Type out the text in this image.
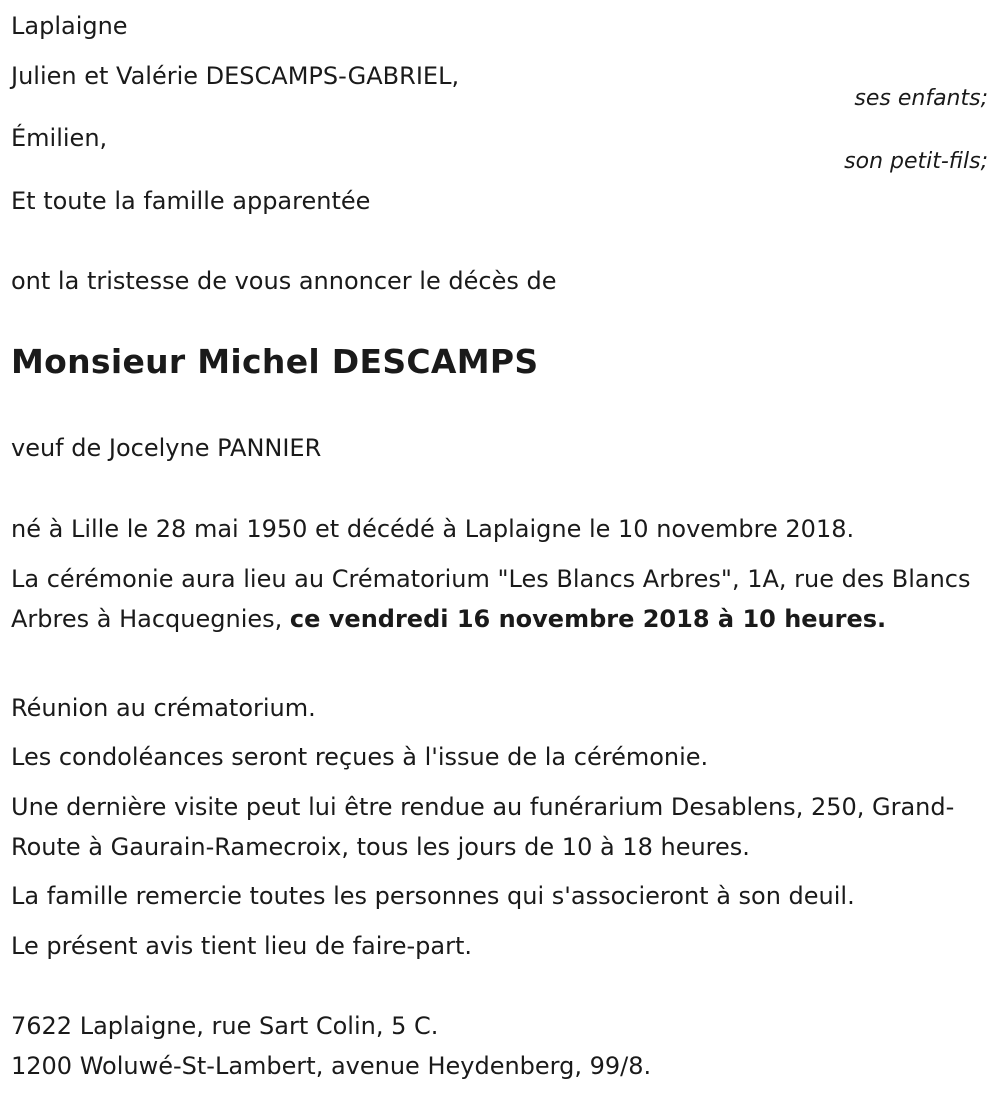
Laplaigne
Julien et Valérie DESCAMPS-GABRIEL,
ses enfants;
Émilien,
son petit-fils;
Et toute la famille apparentée
ont la tristesse de vous annoncer le décès de
Monsieur Michel DESCAMPS
veuf de Jocelyne PANNIER
né à Lille le 28 mai 1950 et décédé à Laplaigne le 10 novembre 2018.
La cérémonie aura lieu au Crématorium "Les Blancs Arbres", 1A, rue des Blancs Arbres à Hacquegnies, ce vendredi 16 novembre 2018 à 10 heures.
Réunion au crématorium.
Les condoléances seront reçues à l'issue de la cérémonie.
Une dernière visite peut lui être rendue au funérarium Desablens, 250, Grand-Route à Gaurain-Ramecroix, tous les jours de 10 à 18 heures.
La famille remercie toutes les personnes qui s'associeront à son deuil.
Le présent avis tient lieu de faire-part.
7622 Laplaigne, rue Sart Colin, 5 C.
1200 Woluwé-St-Lambert, avenue Heydenberg, 99/8.
